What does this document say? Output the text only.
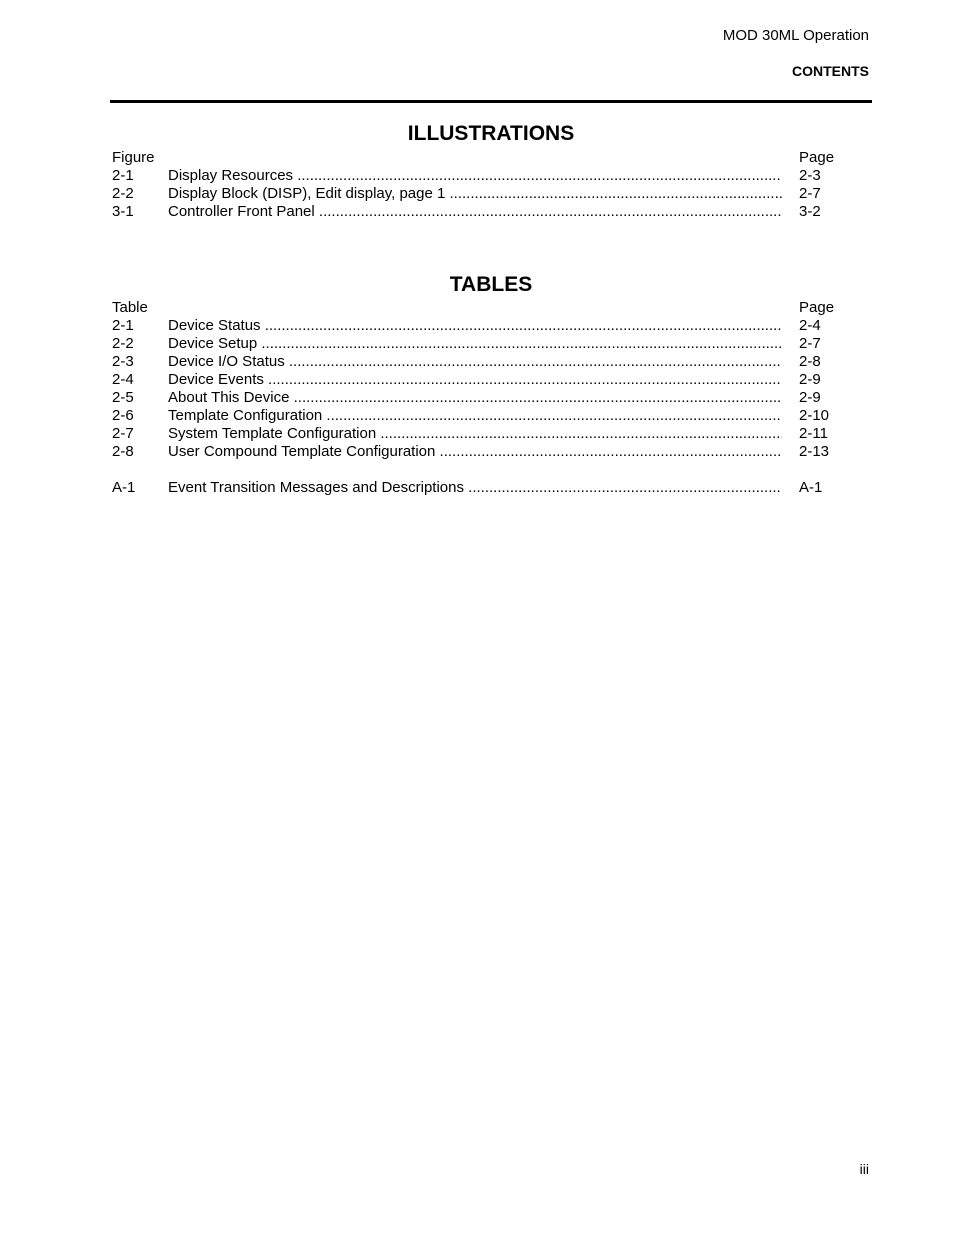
MOD 30ML Operation
CONTENTS
ILLUSTRATIONS
Figure	Page
2-1 Display Resources .....	2-3
2-2 Display Block (DISP), Edit display, page 1 .....	2-7
3-1 Controller Front Panel .....	3-2
TABLES
Table	Page
2-1 Device Status .....	2-4
2-2 Device Setup .....	2-7
2-3 Device I/O Status .....	2-8
2-4 Device Events .....	2-9
2-5 About This Device .....	2-9
2-6 Template Configuration .....	2-10
2-7 System Template Configuration .....	2-11
2-8 User Compound Template Configuration .....	2-13
A-1 Event Transition Messages and Descriptions .....	A-1
iii
